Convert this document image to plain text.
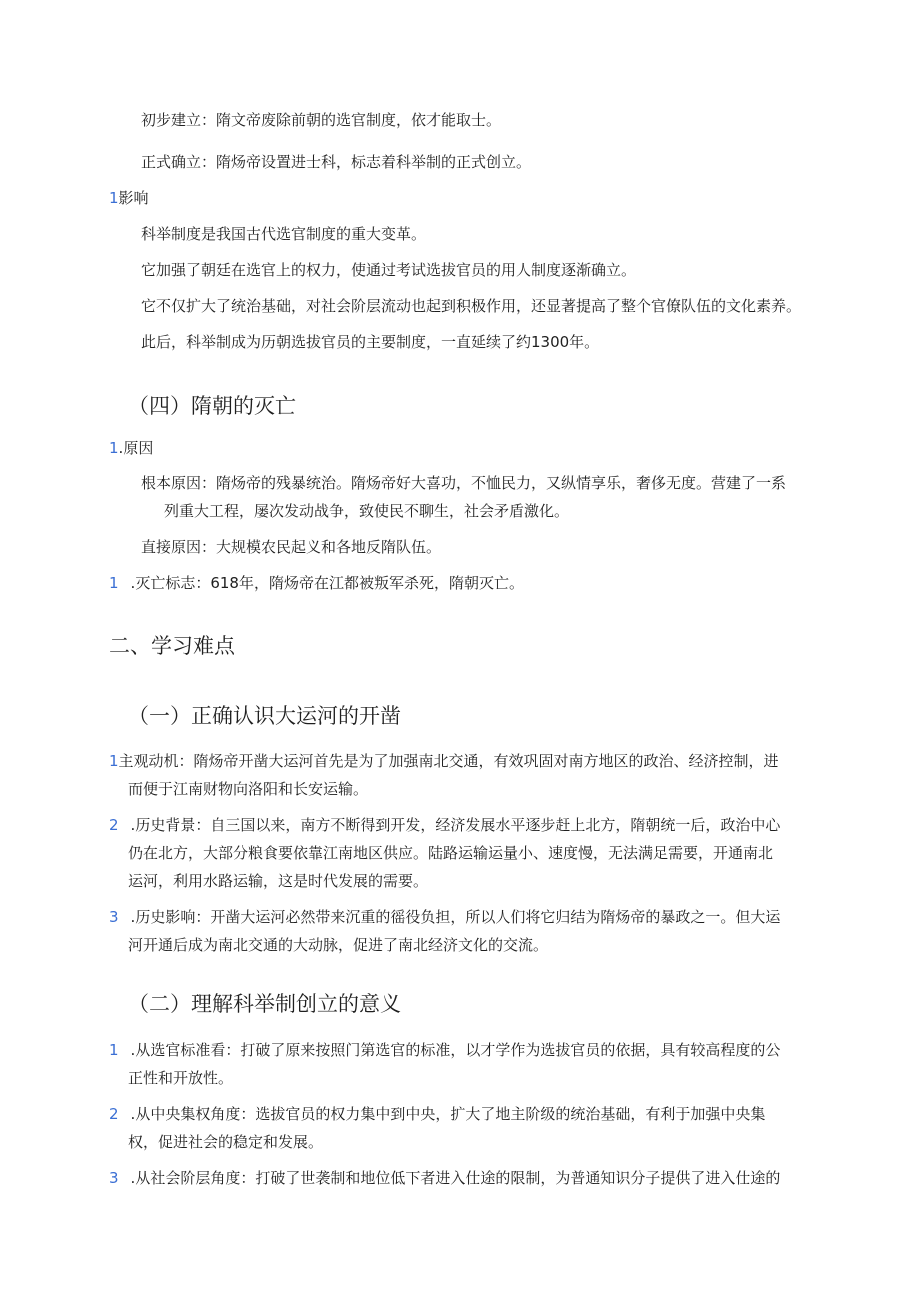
初步建立：隋文帝废除前朝的选官制度，依才能取士。
正式确立：隋炀帝设置进士科，标志着科举制的正式创立。
1影响
科举制度是我国古代选官制度的重大变革。
它加强了朝廷在选官上的权力，使通过考试选拔官员的用人制度逐渐确立。
它不仅扩大了统治基础，对社会阶层流动也起到积极作用，还显著提高了整个官僚队伍的文化素养。
此后，科举制成为历朝选拔官员的主要制度，一直延续了约1300年。
（四）隋朝的灭亡
1.原因
根本原因：隋炀帝的残暴统治。隋炀帝好大喜功，不恤民力，又纵情享乐，奢侈无度。营建了一系
列重大工程，屡次发动战争，致使民不聊生，社会矛盾激化。
直接原因：大规模农民起义和各地反隋队伍。
1 .灭亡标志：618年，隋炀帝在江都被叛军杀死，隋朝灭亡。
二、学习难点
（一）正确认识大运河的开凿
1主观动机：隋炀帝开凿大运河首先是为了加强南北交通，有效巩固对南方地区的政治、经济控制，进
而便于江南财物向洛阳和长安运输。
2 .历史背景：自三国以来，南方不断得到开发，经济发展水平逐步赶上北方，隋朝统一后，政治中心
仍在北方，大部分粮食要依靠江南地区供应。陆路运输运量小、速度慢，无法满足需要，开通南北
运河，利用水路运输，这是时代发展的需要。
3 .历史影响：开凿大运河必然带来沉重的徭役负担，所以人们将它归结为隋炀帝的暴政之一。但大运
河开通后成为南北交通的大动脉，促进了南北经济文化的交流。
（二）理解科举制创立的意义
1 .从选官标准看：打破了原来按照门第选官的标准，以才学作为选拔官员的依据，具有较高程度的公
正性和开放性。
2 .从中央集权角度：选拔官员的权力集中到中央，扩大了地主阶级的统治基础，有利于加强中央集
权，促进社会的稳定和发展。
3 .从社会阶层角度：打破了世袭制和地位低下者进入仕途的限制，为普通知识分子提供了进入仕途的
